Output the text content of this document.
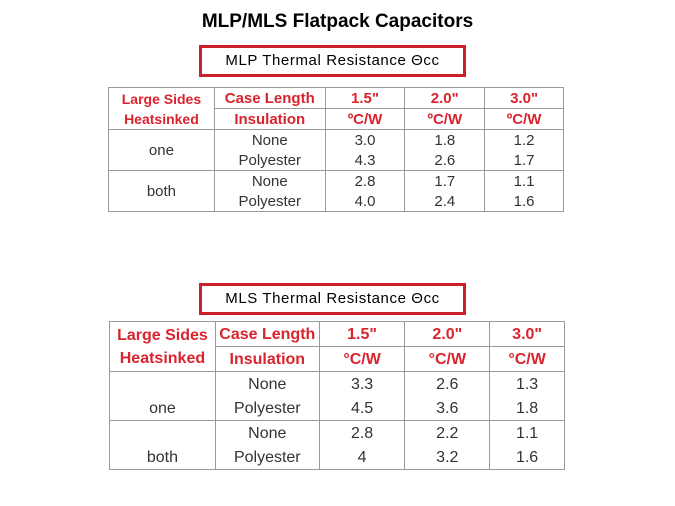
MLP/MLS Flatpack Capacitors
MLP Thermal Resistance Θcc
Large Sides
Heatsinked	Case Length	1.5"	2.0"	3.0"
	Insulation	ºC/W	ºC/W	ºC/W
one	None	3.0	1.8	1.2
	Polyester	4.3	2.6	1.7
both	None	2.8	1.7	1.1
	Polyester	4.0	2.4	1.6
MLS Thermal Resistance Θcc
Large Sides
Heatsinked	Case Length	1.5"	2.0"	3.0"
	Insulation	°C/W	°C/W	°C/W
one	None	3.3	2.6	1.3
	Polyester	4.5	3.6	1.8
both	None	2.8	2.2	1.1
	Polyester	4	3.2	1.6
